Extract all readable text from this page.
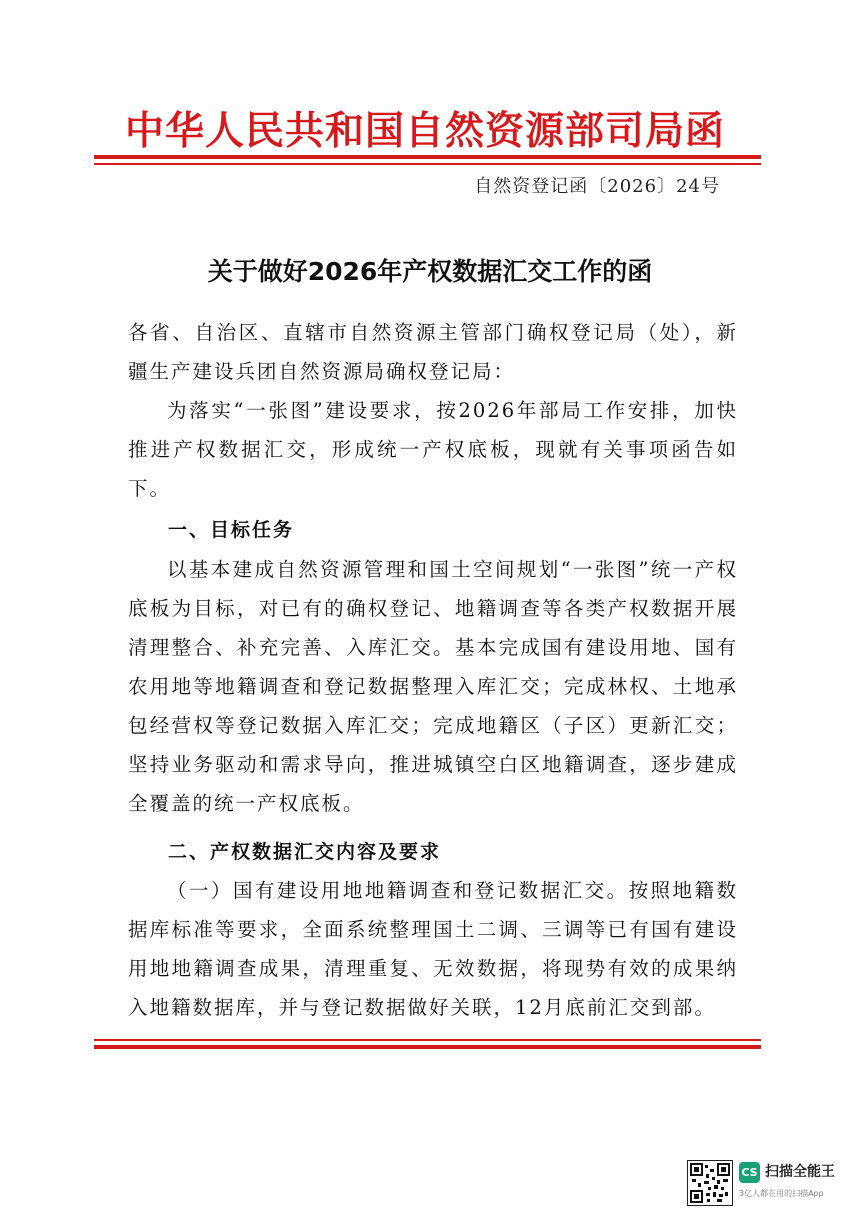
中华人民共和国自然资源部司局函
自然资登记函〔2026〕24号
关于做好2026年产权数据汇交工作的函
各省、自治区、直辖市自然资源主管部门确权登记局（处），新疆生产建设兵团自然资源局确权登记局：
为落实“一张图”建设要求，按2026年部局工作安排，加快推进产权数据汇交，形成统一产权底板，现就有关事项函告如下。
一、目标任务
以基本建成自然资源管理和国土空间规划“一张图”统一产权底板为目标，对已有的确权登记、地籍调查等各类产权数据开展清理整合、补充完善、入库汇交。基本完成国有建设用地、国有农用地等地籍调查和登记数据整理入库汇交；完成林权、土地承包经营权等登记数据入库汇交；完成地籍区（子区）更新汇交；坚持业务驱动和需求导向，推进城镇空白区地籍调查，逐步建成全覆盖的统一产权底板。
二、产权数据汇交内容及要求
（一）国有建设用地地籍调查和登记数据汇交。按照地籍数据库标准等要求，全面系统整理国土二调、三调等已有国有建设用地地籍调查成果，清理重复、无效数据，将现势有效的成果纳入地籍数据库，并与登记数据做好关联，12月底前汇交到部。
CS 扫描全能王
3亿人都在用的扫描App
